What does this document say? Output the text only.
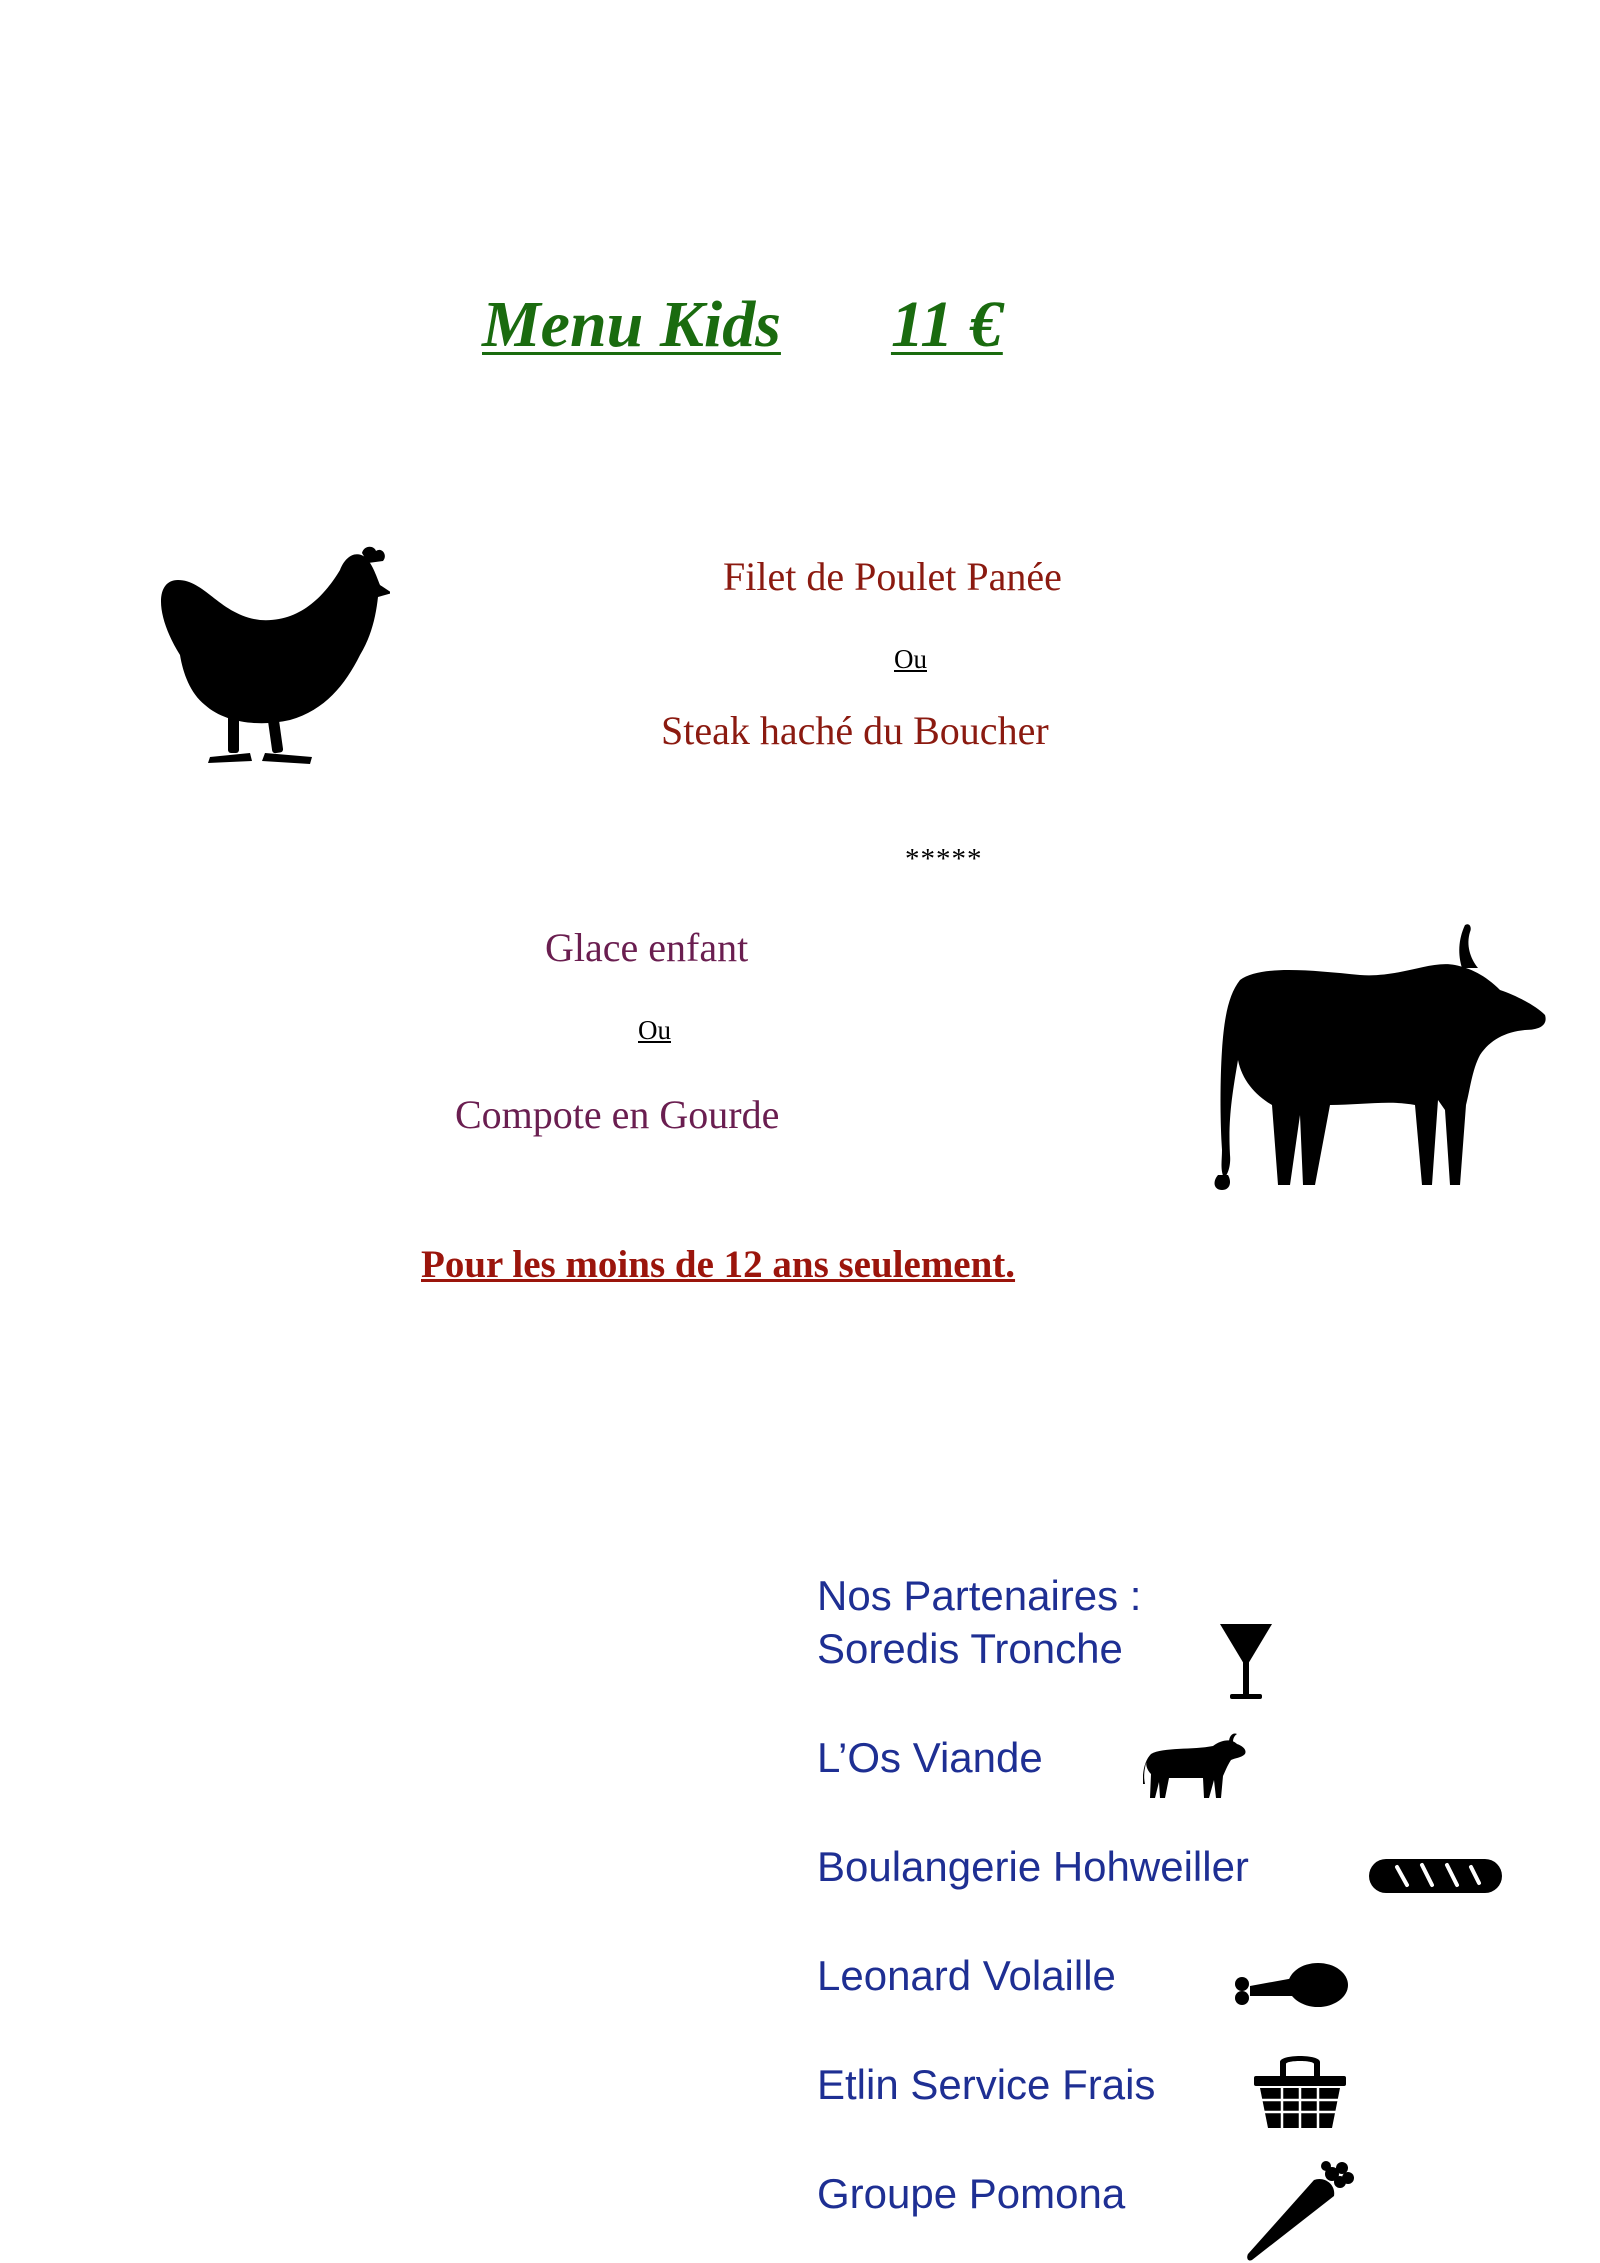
Menu Kids 11 €
Filet de Poulet Panée
Ou
Steak haché du Boucher
*****
Glace enfant
Ou
Compote en Gourde

Pour les moins de 12 ans seulement.

Nos Partenaires :
Soredis Tronche
L’Os Viande
Boulangerie Hohweiller
Leonard Volaille
Etlin Service Frais
Groupe Pomona
